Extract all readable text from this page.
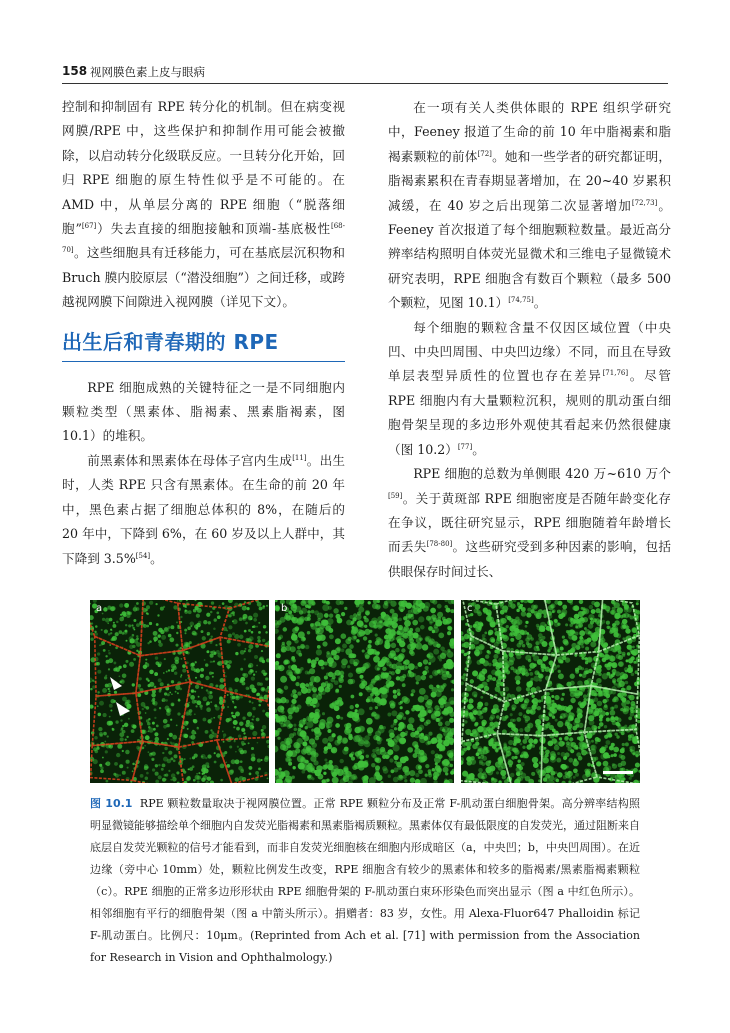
158 视网膜色素上皮与眼病

控制和抑制固有 RPE 转分化的机制。但在病变视网膜/RPE 中，这些保护和抑制作用可能会被撤除，以启动转分化级联反应。一旦转分化开始，回归 RPE 细胞的原生特性似乎是不可能的。在 AMD 中，从单层分离的 RPE 细胞（“脱落细胞”[67]）失去直接的细胞接触和顶端-基底极性[68-70]。这些细胞具有迁移能力，可在基底层沉积物和 Bruch 膜内胶原层（“潜没细胞”）之间迁移，或跨越视网膜下间隙进入视网膜（详见下文）。

出生后和青春期的 RPE

RPE 细胞成熟的关键特征之一是不同细胞内颗粒类型（黑素体、脂褐素、黑素脂褐素，图 10.1）的堆积。

前黑素体和黑素体在母体子宫内生成[11]。出生时，人类 RPE 只含有黑素体。在生命的前 20 年中，黑色素占据了细胞总体积的 8%，在随后的 20 年中，下降到 6%，在 60 岁及以上人群中，其下降到 3.5%[54]。

在一项有关人类供体眼的 RPE 组织学研究中，Feeney 报道了生命的前 10 年中脂褐素和脂褐素颗粒的前体[72]。她和一些学者的研究都证明，脂褐素累积在青春期显著增加，在 20~40 岁累积减缓，在 40 岁之后出现第二次显著增加[72,73]。Feeney 首次报道了每个细胞颗粒数量。最近高分辨率结构照明自体荧光显微术和三维电子显微镜术研究表明，RPE 细胞含有数百个颗粒（最多 500 个颗粒，见图 10.1）[74,75]。

每个细胞的颗粒含量不仅因区域位置（中央凹、中央凹周围、中央凹边缘）不同，而且在导致单层表型异质性的位置也存在差异[71,76]。尽管 RPE 细胞内有大量颗粒沉积，规则的肌动蛋白细胞骨架呈现的多边形外观使其看起来仍然很健康（图 10.2）[77]。

RPE 细胞的总数为单侧眼 420 万~610 万个[59]。关于黄斑部 RPE 细胞密度是否随年龄变化存在争议，既往研究显示，RPE 细胞随着年龄增长而丢失[78-80]。这些研究受到多种因素的影响，包括供眼保存时间过长、

a	b	c
图 10.1 RPE 颗粒数量取决于视网膜位置。正常 RPE 颗粒分布及正常 F-肌动蛋白细胞骨架。高分辨率结构照明显微镜能够描绘单个细胞内自发荧光脂褐素和黑素脂褐质颗粒。黑素体仅有最低限度的自发荧光，通过阻断来自底层自发荧光颗粒的信号才能看到，而非自发荧光细胞核在细胞内形成暗区（a，中央凹；b，中央凹周围）。在近边缘（旁中心 10mm）处，颗粒比例发生改变，RPE 细胞含有较少的黑素体和较多的脂褐素/黑素脂褐素颗粒（c）。RPE 细胞的正常多边形形状由 RPE 细胞骨架的 F-肌动蛋白束环形染色而突出显示（图 a 中红色所示）。相邻细胞有平行的细胞骨架（图 a 中箭头所示）。捐赠者：83 岁，女性。用 Alexa-Fluor647 Phalloidin 标记 F-肌动蛋白。比例尺：10μm。(Reprinted from Ach et al. [71] with permission from the Association for Research in Vision and Ophthalmology.)
